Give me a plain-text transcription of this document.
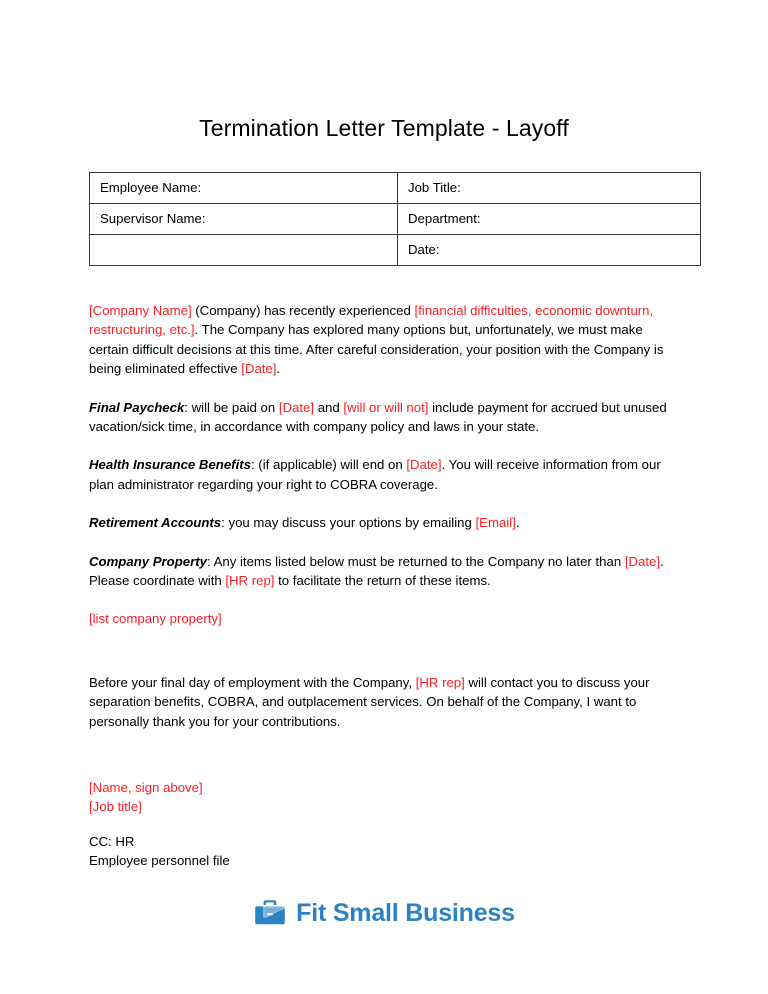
Termination Letter Template - Layoff
Employee Name:	Job Title:
Supervisor Name:	Department:
	Date:

[Company Name] (Company) has recently experienced [financial difficulties, economic downturn, restructuring, etc.]. The Company has explored many options but, unfortunately, we must make certain difficult decisions at this time. After careful consideration, your position with the Company is being eliminated effective [Date].

Final Paycheck: will be paid on [Date] and [will or will not] include payment for accrued but unused vacation/sick time, in accordance with company policy and laws in your state.

Health Insurance Benefits: (if applicable) will end on [Date]. You will receive information from our plan administrator regarding your right to COBRA coverage.

Retirement Accounts: you may discuss your options by emailing [Email].

Company Property: Any items listed below must be returned to the Company no later than [Date]. Please coordinate with [HR rep] to facilitate the return of these items.

[list company property]

Before your final day of employment with the Company, [HR rep] will contact you to discuss your separation benefits, COBRA, and outplacement services. On behalf of the Company, I want to personally thank you for your contributions.

[Name, sign above]
[Job title]
CC: HR
Employee personnel file
Fit Small Business
